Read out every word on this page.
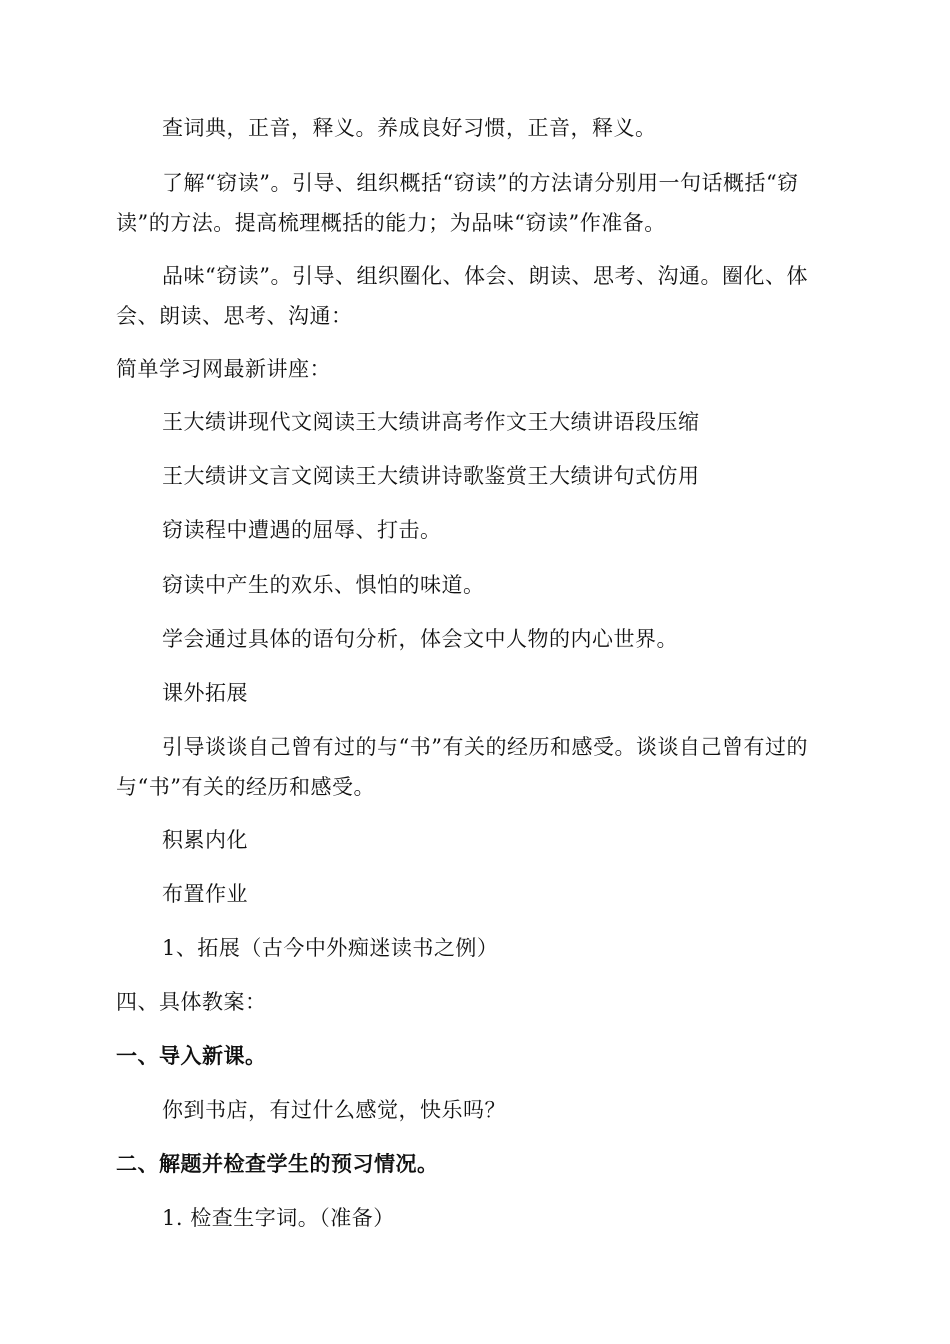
查词典，正音，释义。养成良好习惯，正音，释义。

了解“窃读”。引导、组织概括“窃读”的方法请分别用一句话概括“窃读”的方法。提高梳理概括的能力；为品味“窃读”作准备。

品味“窃读”。引导、组织圈化、体会、朗读、思考、沟通。圈化、体会、朗读、思考、沟通：

简单学习网最新讲座：

王大绩讲现代文阅读王大绩讲高考作文王大绩讲语段压缩

王大绩讲文言文阅读王大绩讲诗歌鉴赏王大绩讲句式仿用

窃读程中遭遇的屈辱、打击。

窃读中产生的欢乐、惧怕的味道。

学会通过具体的语句分析，体会文中人物的内心世界。

课外拓展

引导谈谈自己曾有过的与“书”有关的经历和感受。谈谈自己曾有过的与“书”有关的经历和感受。

积累内化

布置作业

1、拓展（古今中外痴迷读书之例）

四、具体教案：

一、导入新课。

你到书店，有过什么感觉，快乐吗？

二、解题并检查学生的预习情况。

1. 检查生字词。（准备）
